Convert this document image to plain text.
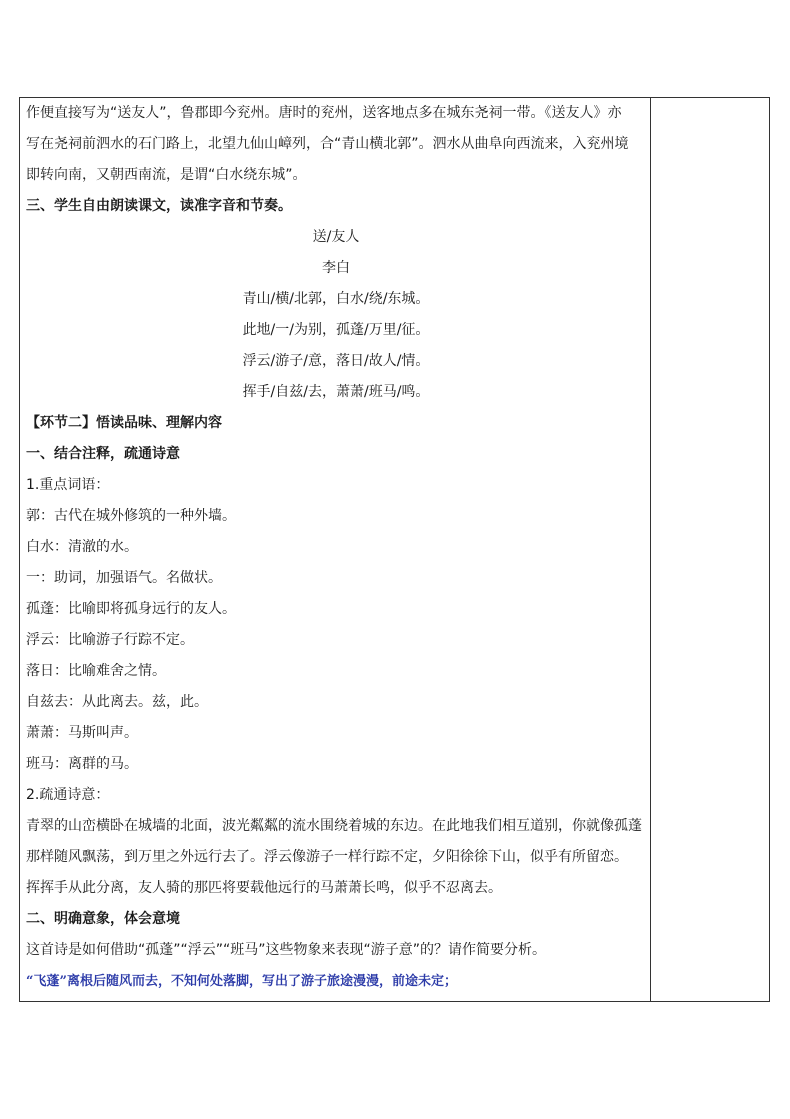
作便直接写为“送友人”，鲁郡即今兖州。唐时的兖州，送客地点多在城东尧祠一带。《送友人》亦
写在尧祠前泗水的石门路上，北望九仙山嶂列，合“青山横北郭”。泗水从曲阜向西流来，入兖州境
即转向南，又朝西南流，是谓“白水绕东城”。
三、学生自由朗读课文，读准字音和节奏。
送/友人
李白
青山/横/北郭，白水/绕/东城。
此地/一/为别，孤蓬/万里/征。
浮云/游子/意，落日/故人/情。
挥手/自兹/去，萧萧/班马/鸣。
【环节二】悟读品味、理解内容
一、结合注释，疏通诗意
1.重点词语：
郭：古代在城外修筑的一种外墙。
白水：清澈的水。
一：助词，加强语气。名做状。
孤蓬：比喻即将孤身远行的友人。
浮云：比喻游子行踪不定。
落日：比喻难舍之情。
自兹去：从此离去。兹，此。
萧萧：马斯叫声。
班马：离群的马。
2.疏通诗意：
青翠的山峦横卧在城墙的北面，波光粼粼的流水围绕着城的东边。在此地我们相互道别，你就像孤蓬
那样随风飘荡，到万里之外远行去了。浮云像游子一样行踪不定，夕阳徐徐下山，似乎有所留恋。
挥挥手从此分离，友人骑的那匹将要载他远行的马萧萧长鸣，似乎不忍离去。
二、明确意象，体会意境
这首诗是如何借助“孤蓬”“浮云”“班马”这些物象来表现“游子意”的？请作简要分析。
“飞蓬”离根后随风而去，不知何处落脚，写出了游子旅途漫漫，前途未定；
